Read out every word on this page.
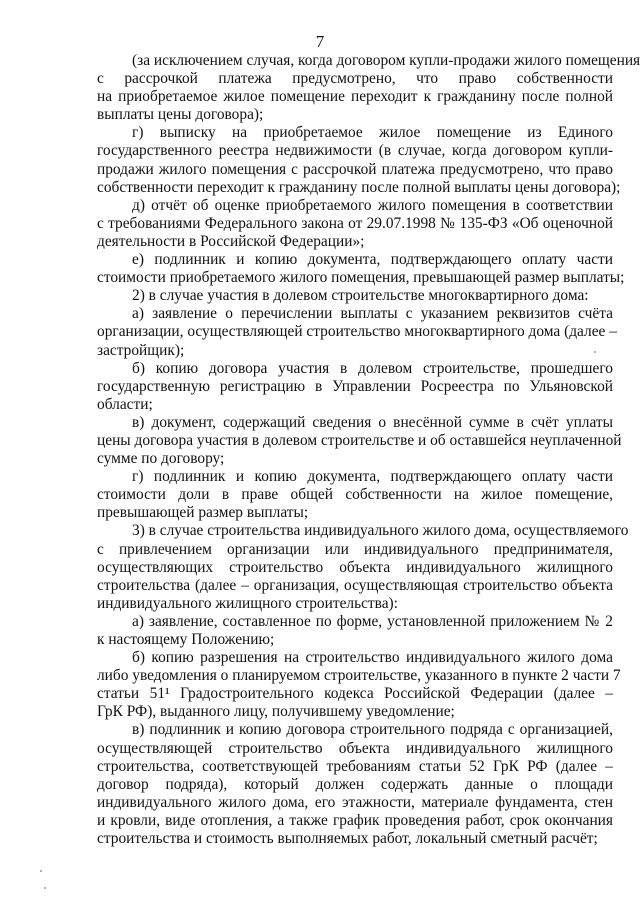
7
(за исключением случая, когда договором купли-продажи жилого помещения
с рассрочкой платежа предусмотрено, что право собственности
на приобретаемое жилое помещение переходит к гражданину после полной
выплаты цены договора);
г) выписку на приобретаемое жилое помещение из Единого
государственного реестра недвижимости (в случае, когда договором купли-
продажи жилого помещения с рассрочкой платежа предусмотрено, что право
собственности переходит к гражданину после полной выплаты цены договора);
д) отчёт об оценке приобретаемого жилого помещения в соответствии
с требованиями Федерального закона от 29.07.1998 № 135-ФЗ «Об оценочной
деятельности в Российской Федерации»;
е) подлинник и копию документа, подтверждающего оплату части
стоимости приобретаемого жилого помещения, превышающей размер выплаты;
2) в случае участия в долевом строительстве многоквартирного дома:
а) заявление о перечислении выплаты с указанием реквизитов счёта
организации, осуществляющей строительство многоквартирного дома (далее –
застройщик);
б) копию договора участия в долевом строительстве, прошедшего
государственную регистрацию в Управлении Росреестра по Ульяновской
области;
в) документ, содержащий сведения о внесённой сумме в счёт уплаты
цены договора участия в долевом строительстве и об оставшейся неуплаченной
сумме по договору;
г) подлинник и копию документа, подтверждающего оплату части
стоимости доли в праве общей собственности на жилое помещение,
превышающей размер выплаты;
3) в случае строительства индивидуального жилого дома, осуществляемого
с привлечением организации или индивидуального предпринимателя,
осуществляющих строительство объекта индивидуального жилищного
строительства (далее – организация, осуществляющая строительство объекта
индивидуального жилищного строительства):
а) заявление, составленное по форме, установленной приложением № 2
к настоящему Положению;
б) копию разрешения на строительство индивидуального жилого дома
либо уведомления о планируемом строительстве, указанного в пункте 2 части 7
статьи 51¹ Градостроительного кодекса Российской Федерации (далее –
ГрК РФ), выданного лицу, получившему уведомление;
в) подлинник и копию договора строительного подряда с организацией,
осуществляющей строительство объекта индивидуального жилищного
строительства, соответствующей требованиям статьи 52 ГрК РФ (далее –
договор подряда), который должен содержать данные о площади
индивидуального жилого дома, его этажности, материале фундамента, стен
и кровли, виде отопления, а также график проведения работ, срок окончания
строительства и стоимость выполняемых работ, локальный сметный расчёт;
